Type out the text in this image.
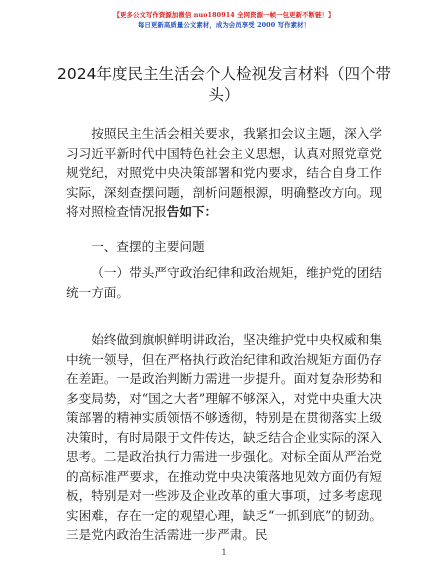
【更多公文写作资源加微信 nuo180914 全网资源一帧一包更新不断链！】
每日更新高质量公文素材，成为会员享受 2000 写作素材！
2024年度民主生活会个人检视发言材料（四个带头）
按照民主生活会相关要求，我紧扣会议主题，深入学习习近平新时代中国特色社会主义思想，认真对照党章党规党纪，对照党中央决策部署和党内要求，结合自身工作实际，深刻查摆问题，剖析问题根源，明确整改方向。现将对照检查情况报告如下：
一、查摆的主要问题
（一）带头严守政治纪律和政治规矩，维护党的团结统一方面。
始终做到旗帜鲜明讲政治，坚决维护党中央权威和集中统一领导，但在严格执行政治纪律和政治规矩方面仍存在差距。一是政治判断力需进一步提升。面对复杂形势和多变局势，对“国之大者”理解不够深入，对党中央重大决策部署的精神实质领悟不够透彻，特别是在贯彻落实上级决策时，有时局限于文件传达，缺乏结合企业实际的深入思考。二是政治执行力需进一步强化。对标全面从严治党的高标准严要求，在推动党中央决策落地见效方面仍有短板，特别是对一些涉及企业改革的重大事项，过多考虑现实困难，存在一定的观望心理，缺乏“一抓到底”的韧劲。三是党内政治生活需进一步严肃。民
1
